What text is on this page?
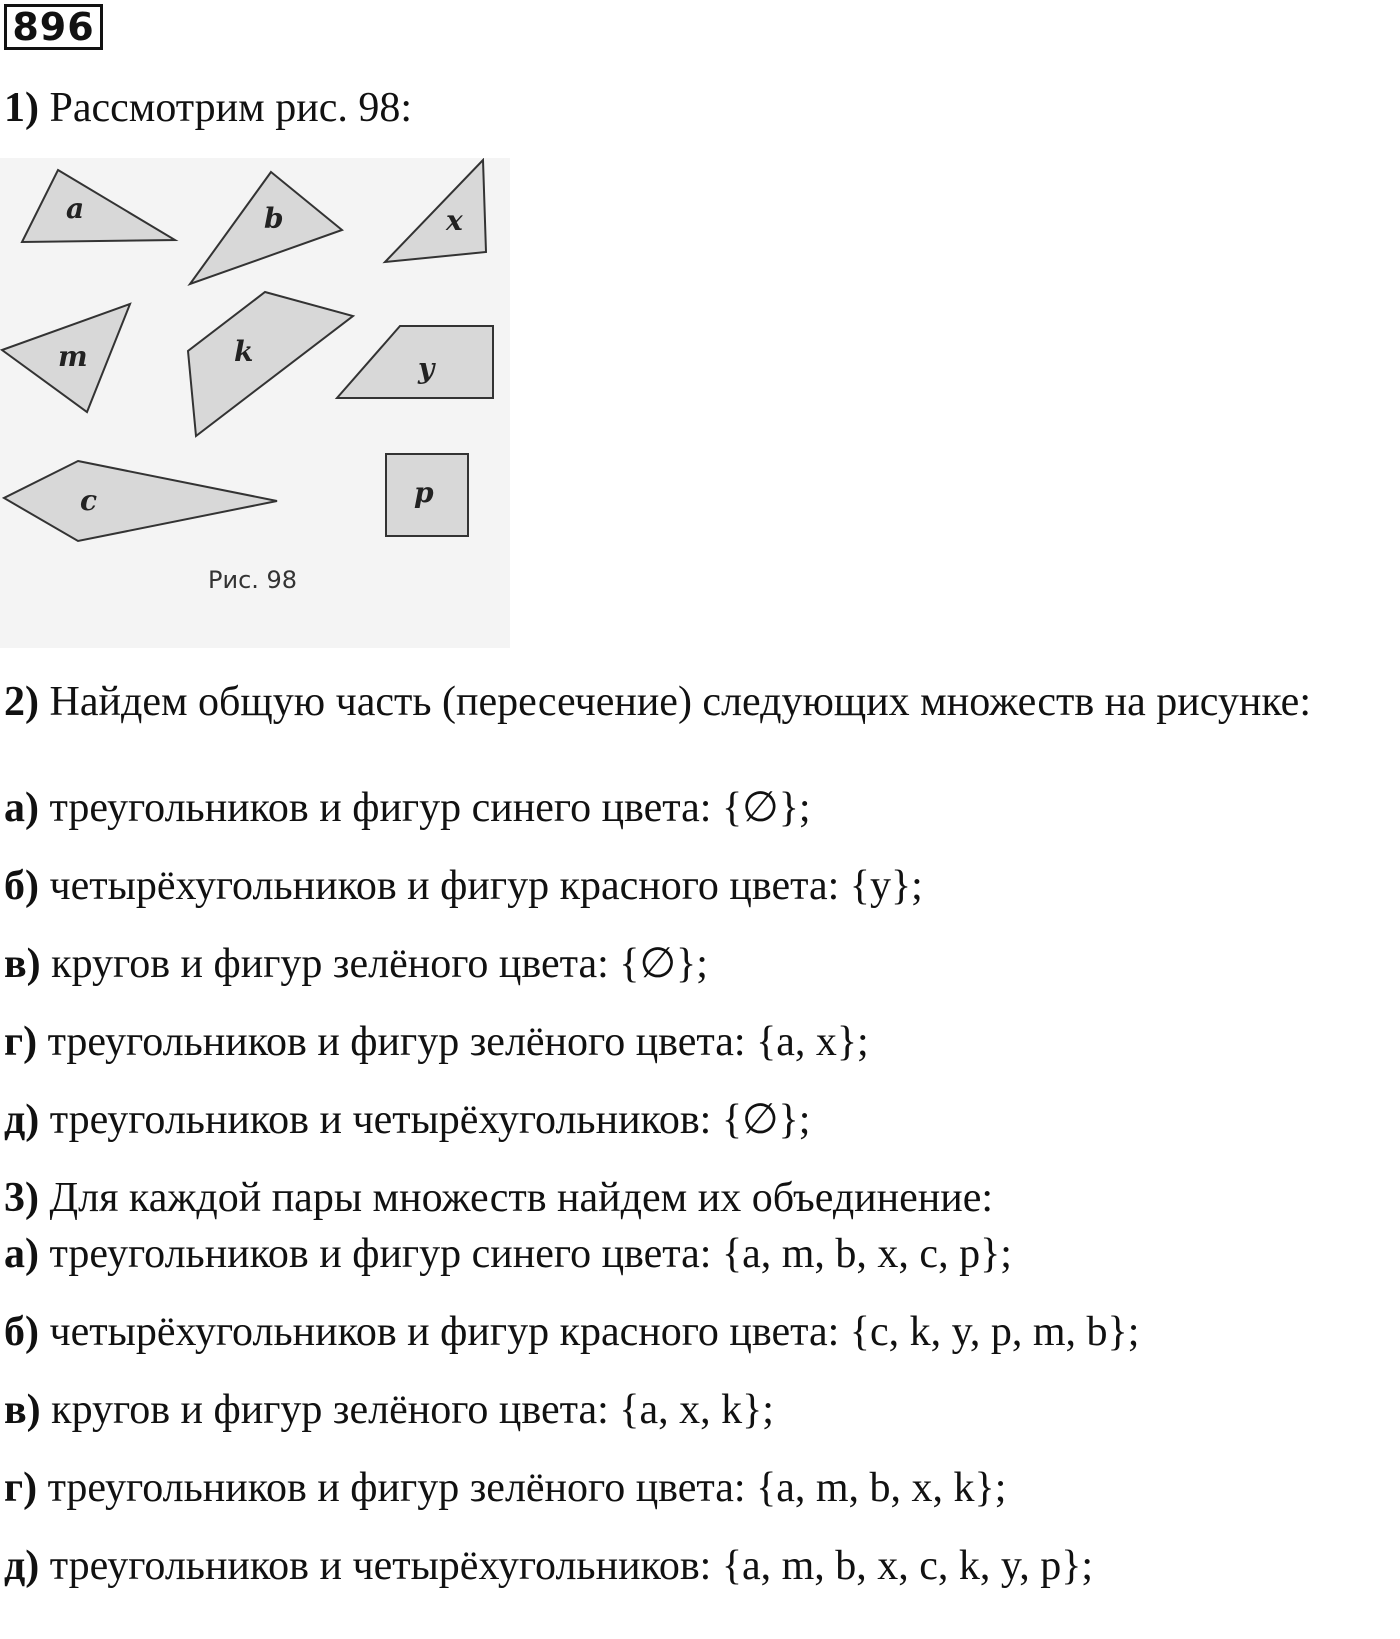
896
1) Рассмотрим рис. 98:
a	b	x
m	k
y
c	p
Рис. 98
2) Найдем общую часть (пересечение) следующих множеств на рисунке:
а) треугольников и фигур синего цвета: {∅};
б) четырёхугольников и фигур красного цвета: {y};
в) кругов и фигур зелёного цвета: {∅};
г) треугольников и фигур зелёного цвета: {a, x};
д) треугольников и четырёхугольников: {∅};
3) Для каждой пары множеств найдем их объединение:
а) треугольников и фигур синего цвета: {a, m, b, x, c, p};
б) четырёхугольников и фигур красного цвета: {c, k, y, p, m, b};
в) кругов и фигур зелёного цвета: {a, x, k};
г) треугольников и фигур зелёного цвета: {a, m, b, x, k};
д) треугольников и четырёхугольников: {a, m, b, x, c, k, y, p};
